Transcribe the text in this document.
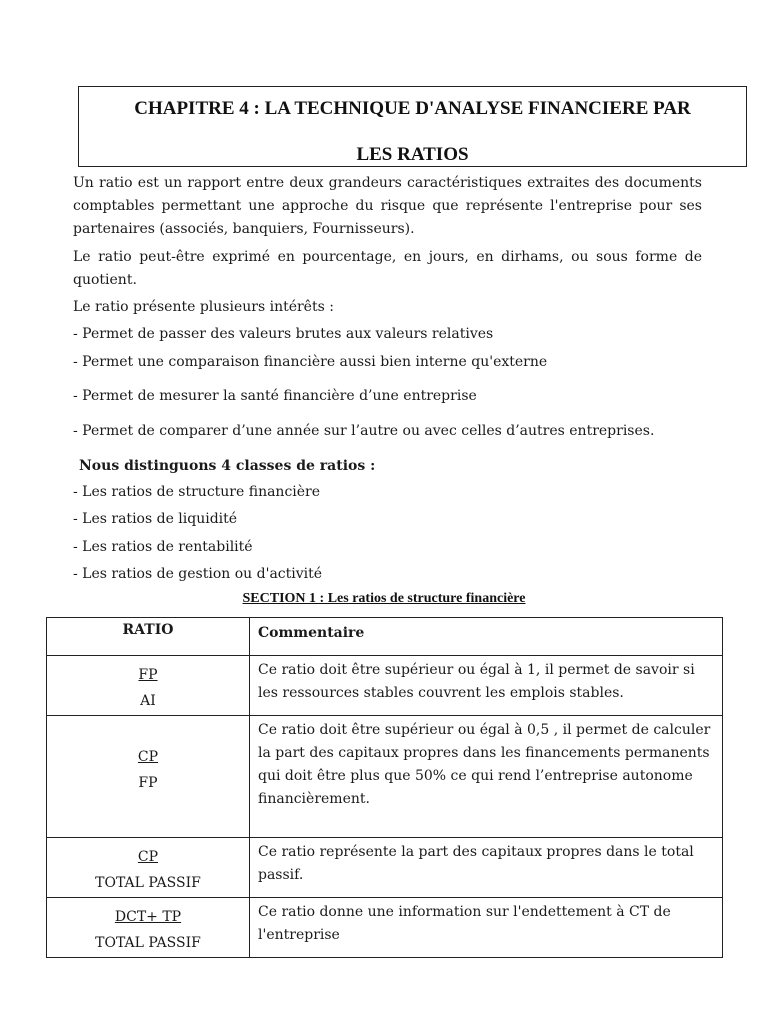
CHAPITRE 4 : LA TECHNIQUE D'ANALYSE FINANCIERE PAR
LES RATIOS
Un ratio est un rapport entre deux grandeurs caractéristiques extraites des documents comptables permettant une approche du risque que représente l'entreprise pour ses partenaires (associés, banquiers, Fournisseurs).
Le ratio peut-être exprimé en pourcentage, en jours, en dirhams, ou sous forme de quotient.
Le ratio présente plusieurs intérêts :
- Permet de passer des valeurs brutes aux valeurs relatives
- Permet une comparaison financière aussi bien interne qu'externe
- Permet de mesurer la santé financière d’une entreprise
- Permet de comparer d’une année sur l’autre ou avec celles d’autres entreprises.
Nous distinguons 4 classes de ratios :
- Les ratios de structure financière
- Les ratios de liquidité
- Les ratios de rentabilité
- Les ratios de gestion ou d'activité
SECTION 1 : Les ratios de structure financière
RATIO	Commentaire

FP
AI	Ce ratio doit être supérieur ou égal à 1, il permet de savoir si les ressources stables couvrent les emplois stables.

CP
FP	Ce ratio doit être supérieur ou égal à 0,5 , il permet de calculer la part des capitaux propres dans les financements permanents qui doit être plus que 50% ce qui rend l’entreprise autonome financièrement.

CP
TOTAL PASSIF	Ce ratio représente la part des capitaux propres dans le total passif.

DCT+ TP
TOTAL PASSIF	Ce ratio donne une information sur l'endettement à CT de l'entreprise
